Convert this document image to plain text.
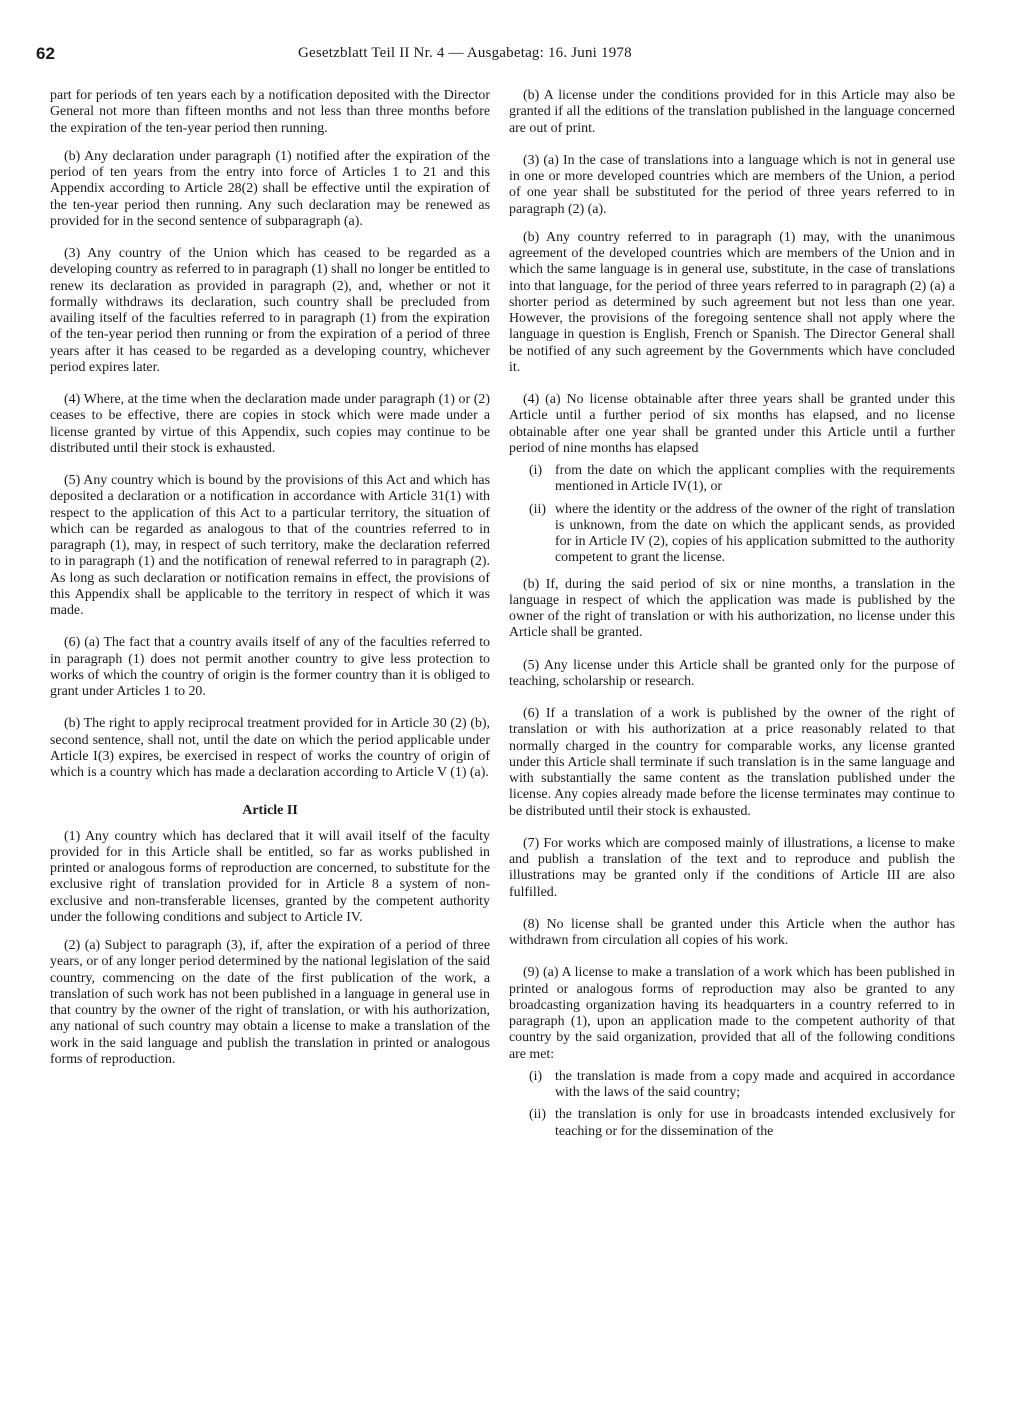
62	Gesetzblatt Teil II Nr. 4 — Ausgabetag: 16. Juni 1978

part for periods of ten years each by a notification deposited with the Director General not more than fifteen months and not less than three months before the expiration of the ten-year period then running.

(b) Any declaration under paragraph (1) notified after the expiration of the period of ten years from the entry into force of Articles 1 to 21 and this Appendix according to Article 28(2) shall be effective until the expiration of the ten-year period then running. Any such declaration may be renewed as provided for in the second sentence of subparagraph (a).

(3) Any country of the Union which has ceased to be regarded as a developing country as referred to in paragraph (1) shall no longer be entitled to renew its declaration as provided in paragraph (2), and, whether or not it formally withdraws its declaration, such country shall be precluded from availing itself of the faculties referred to in paragraph (1) from the expiration of the ten-year period then running or from the expiration of a period of three years after it has ceased to be regarded as a developing country, whichever period expires later.

(4) Where, at the time when the declaration made under paragraph (1) or (2) ceases to be effective, there are copies in stock which were made under a license granted by virtue of this Appendix, such copies may continue to be distributed until their stock is exhausted.

(5) Any country which is bound by the provisions of this Act and which has deposited a declaration or a notification in accordance with Article 31(1) with respect to the application of this Act to a particular territory, the situation of which can be regarded as analogous to that of the countries referred to in paragraph (1), may, in respect of such territory, make the declaration referred to in paragraph (1) and the notification of renewal referred to in paragraph (2). As long as such declaration or notification remains in effect, the provisions of this Appendix shall be applicable to the territory in respect of which it was made.

(6) (a) The fact that a country avails itself of any of the faculties referred to in paragraph (1) does not permit another country to give less protection to works of which the country of origin is the former country than it is obliged to grant under Articles 1 to 20.

(b) The right to apply reciprocal treatment provided for in Article 30 (2) (b), second sentence, shall not, until the date on which the period applicable under Article I(3) expires, be exercised in respect of works the country of origin of which is a country which has made a declaration according to Article V (1) (a).

Article II

(1) Any country which has declared that it will avail itself of the faculty provided for in this Article shall be entitled, so far as works published in printed or analogous forms of reproduction are concerned, to substitute for the exclusive right of translation provided for in Article 8 a system of non-exclusive and non-transferable licenses, granted by the competent authority under the following conditions and subject to Article IV.

(2) (a) Subject to paragraph (3), if, after the expiration of a period of three years, or of any longer period determined by the national legislation of the said country, commencing on the date of the first publication of the work, a translation of such work has not been published in a language in general use in that country by the owner of the right of translation, or with his authorization, any national of such country may obtain a license to make a translation of the work in the said language and publish the translation in printed or analogous forms of reproduction.

(b) A license under the conditions provided for in this Article may also be granted if all the editions of the translation published in the language concerned are out of print.

(3) (a) In the case of translations into a language which is not in general use in one or more developed countries which are members of the Union, a period of one year shall be substituted for the period of three years referred to in paragraph (2) (a).

(b) Any country referred to in paragraph (1) may, with the unanimous agreement of the developed countries which are members of the Union and in which the same language is in general use, substitute, in the case of translations into that language, for the period of three years referred to in paragraph (2) (a) a shorter period as determined by such agreement but not less than one year. However, the provisions of the foregoing sentence shall not apply where the language in question is English, French or Spanish. The Director General shall be notified of any such agreement by the Governments which have concluded it.

(4) (a) No license obtainable after three years shall be granted under this Article until a further period of six months has elapsed, and no license obtainable after one year shall be granted under this Article until a further period of nine months has elapsed

(i) from the date on which the applicant complies with the requirements mentioned in Article IV(1), or
(ii) where the identity or the address of the owner of the right of translation is unknown, from the date on which the applicant sends, as provided for in Article IV (2), copies of his application submitted to the authority competent to grant the license.

(b) If, during the said period of six or nine months, a translation in the language in respect of which the application was made is published by the owner of the right of translation or with his authorization, no license under this Article shall be granted.

(5) Any license under this Article shall be granted only for the purpose of teaching, scholarship or research.

(6) If a translation of a work is published by the owner of the right of translation or with his authorization at a price reasonably related to that normally charged in the country for comparable works, any license granted under this Article shall terminate if such translation is in the same language and with substantially the same content as the translation published under the license. Any copies already made before the license terminates may continue to be distributed until their stock is exhausted.

(7) For works which are composed mainly of illustrations, a license to make and publish a translation of the text and to reproduce and publish the illustrations may be granted only if the conditions of Article III are also fulfilled.

(8) No license shall be granted under this Article when the author has withdrawn from circulation all copies of his work.

(9) (a) A license to make a translation of a work which has been published in printed or analogous forms of reproduction may also be granted to any broadcasting organization having its headquarters in a country referred to in paragraph (1), upon an application made to the competent authority of that country by the said organization, provided that all of the following conditions are met:

(i) the translation is made from a copy made and acquired in accordance with the laws of the said country;
(ii) the translation is only for use in broadcasts intended exclusively for teaching or for the dissemination of the
